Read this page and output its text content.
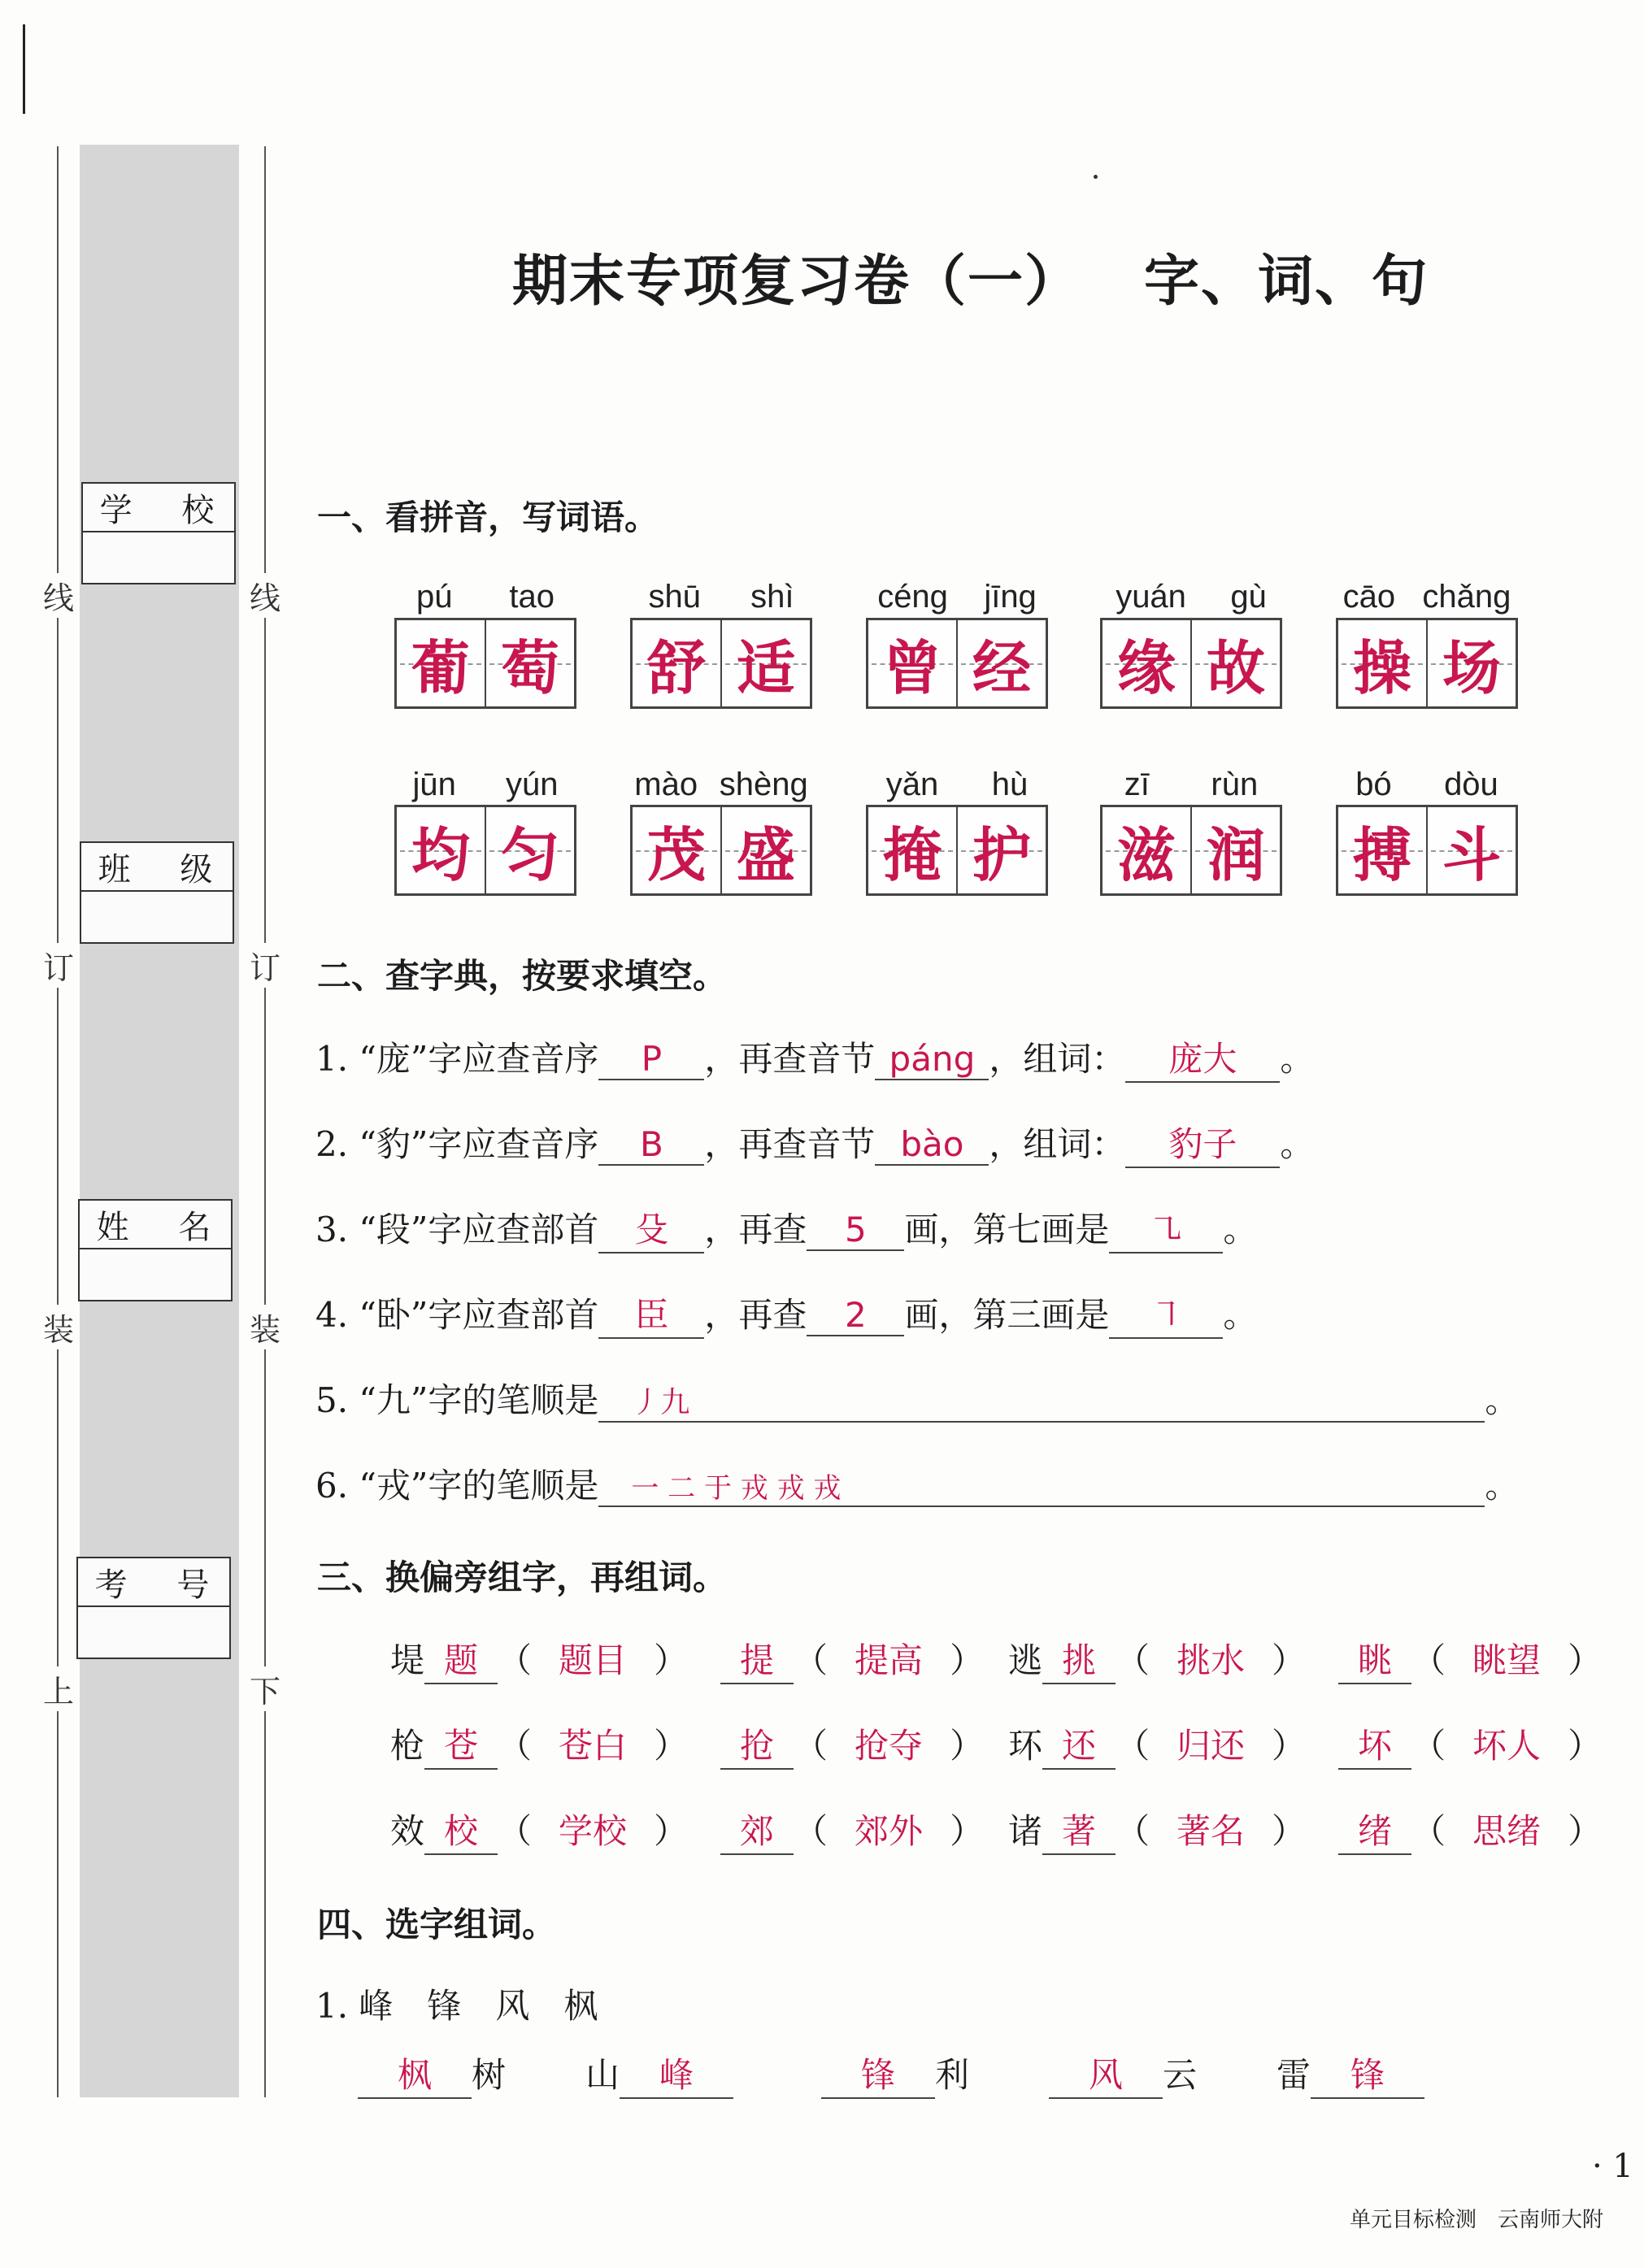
线
订
装
上
线
订
装
下
学 校
班 级
姓 名
考 号
期末专项复习卷（一）   字、词、句
一、看拼音，写词语。
pú tao
葡 萄
shū shì
舒 适
céng jīng
曾 经
yuán gù
缘 故
cāo chǎng
操 场
jūn yún
均 匀
mào shèng
茂 盛
yǎn hù
掩 护
zī rùn
滋 润
bó dòu
搏 斗
二、查字典，按要求填空。
1. “庞”字应查音序 P ，再查音节 páng ，组词： 庞大 。
2. “豹”字应查音序 B ，再查音节 bào ，组词： 豹子 。
3. “段”字应查部首 殳 ，再查 5 画，第七画是 ㇈ 。
4. “卧”字应查部首 臣 ，再查 2 画，第三画是 ㇕ 。
5. “九”字的笔顺是 丿九	。
6. “戎”字的笔顺是 一 二 于 戎 戎 戎	。
三、换偏旁组字，再组词。
堤 题 （ 题目 ） 提 （ 提高 ） 逃 挑 （ 挑水 ） 眺 （ 眺望 ）
枪 苍 （ 苍白 ） 抢 （ 抢夺 ） 环 还 （ 归还 ） 坏 （ 坏人 ）
效 校 （ 学校 ） 郊 （ 郊外 ） 诸 著 （ 著名 ） 绪 （ 思绪 ）
四、选字组词。
1. 峰　锋　风　枫
枫 树 山 峰	锋 利	风 云 雷 锋
· 1
单元目标检测　云南师大附
